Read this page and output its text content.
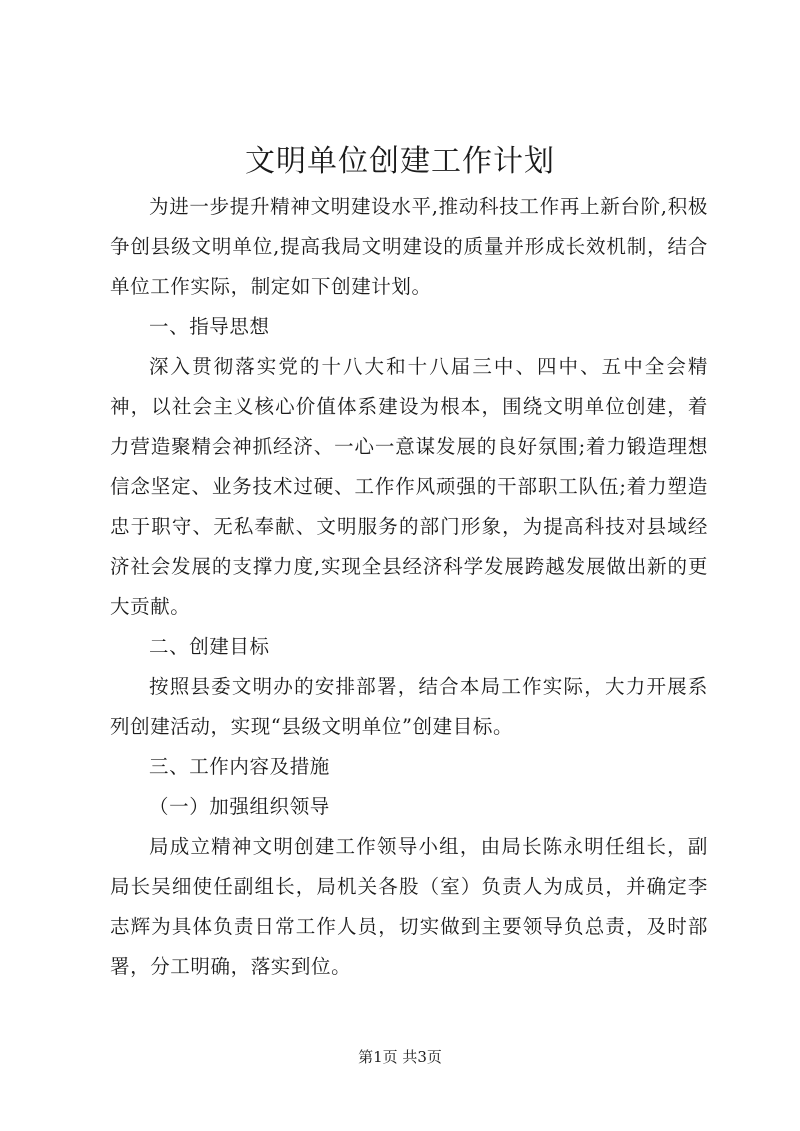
文明单位创建工作计划

为进一步提升精神文明建设水平,推动科技工作再上新台阶,积极争创县级文明单位,提高我局文明建设的质量并形成长效机制，结合单位工作实际，制定如下创建计划。

一、指导思想

深入贯彻落实党的十八大和十八届三中、四中、五中全会精神，以社会主义核心价值体系建设为根本，围绕文明单位创建，着力营造聚精会神抓经济、一心一意谋发展的良好氛围;着力锻造理想信念坚定、业务技术过硬、工作作风顽强的干部职工队伍;着力塑造忠于职守、无私奉献、文明服务的部门形象，为提高科技对县域经济社会发展的支撑力度,实现全县经济科学发展跨越发展做出新的更大贡献。

二、创建目标

按照县委文明办的安排部署，结合本局工作实际，大力开展系列创建活动，实现“县级文明单位”创建目标。

三、工作内容及措施

（一）加强组织领导

局成立精神文明创建工作领导小组，由局长陈永明任组长，副局长吴细使任副组长，局机关各股（室）负责人为成员，并确定李志辉为具体负责日常工作人员，切实做到主要领导负总责，及时部署，分工明确，落实到位。

第1页 共3页
